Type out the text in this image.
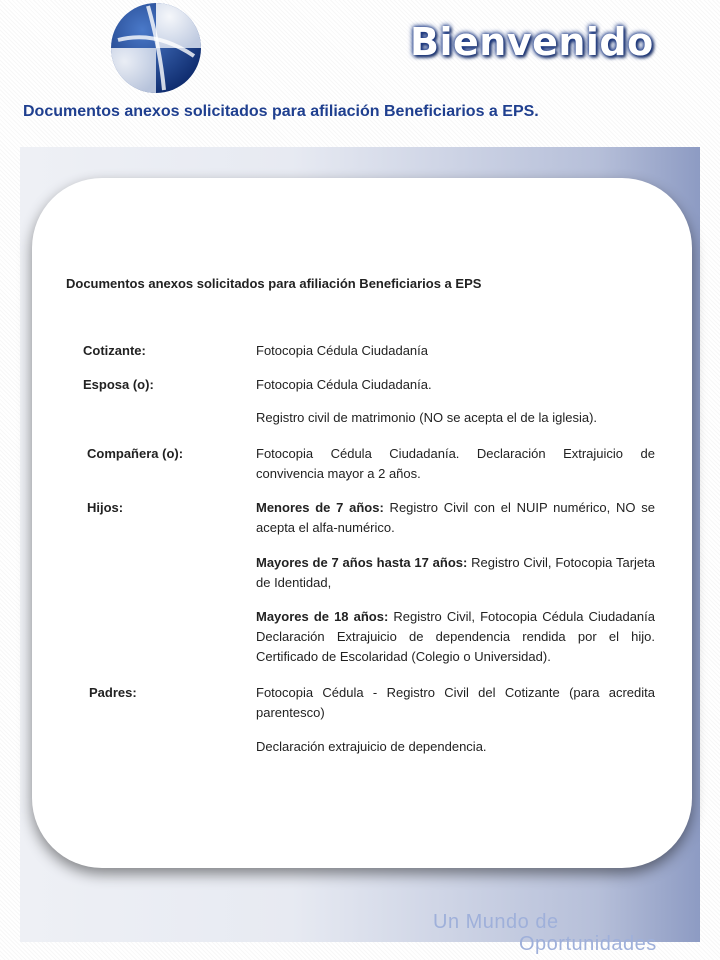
Bienvenido
Documentos anexos solicitados para afiliación Beneficiarios a EPS.
Documentos anexos solicitados para afiliación Beneficiarios a EPS
Cotizante:	Fotocopia Cédula Ciudadanía
Esposa (o):	Fotocopia Cédula Ciudadanía.
Registro civil de matrimonio (NO se acepta el de la iglesia).
Compañera (o):	Fotocopia Cédula Ciudadanía. Declaración Extrajuicio de convivencia mayor a 2 años.
Hijos:	Menores de 7 años: Registro Civil con el NUIP numérico, NO se acepta el alfa-numérico.
Mayores de 7 años hasta 17 años: Registro Civil, Fotocopia Tarjeta de Identidad,
Mayores de 18 años: Registro Civil, Fotocopia Cédula Ciudadanía Declaración Extrajuicio de dependencia rendida por el hijo. Certificado de Escolaridad (Colegio o Universidad).
Padres:	Fotocopia Cédula - Registro Civil del Cotizante (para acredita parentesco)
Declaración extrajuicio de dependencia.
Un Mundo de
Oportunidades
